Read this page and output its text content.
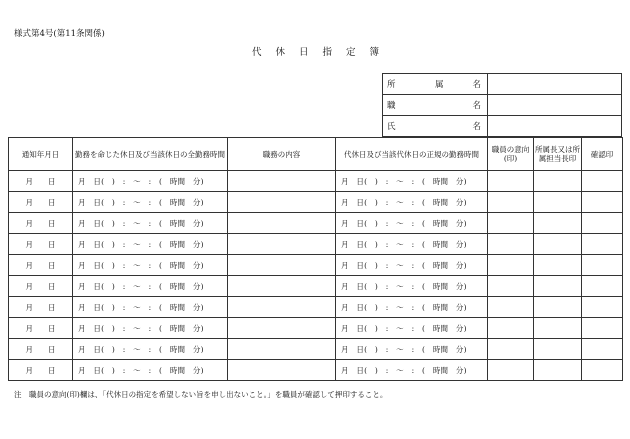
様式第4号(第11条関係)
代休日指定簿
所 属 名	

職 名	

氏 名	

通知年月日	勤務を命じた休日及び当該休日の全勤務時間	職務の内容	代休日及び当該代休日の正規の勤務時間	職員の意向(印)	所属長又は所属担当長印	確認印
月　　日	月　日(　)　:　～　:　(　時間　分)		月　日(　)　:　～　:　(　時間　分)			
月　　日	月　日(　)　:　～　:　(　時間　分)		月　日(　)　:　～　:　(　時間　分)			
月　　日	月　日(　)　:　～　:　(　時間　分)		月　日(　)　:　～　:　(　時間　分)			
月　　日	月　日(　)　:　～　:　(　時間　分)		月　日(　)　:　～　:　(　時間　分)			
月　　日	月　日(　)　:　～　:　(　時間　分)		月　日(　)　:　～　:　(　時間　分)			
月　　日	月　日(　)　:　～　:　(　時間　分)		月　日(　)　:　～　:　(　時間　分)			
月　　日	月　日(　)　:　～　:　(　時間　分)		月　日(　)　:　～　:　(　時間　分)			
月　　日	月　日(　)　:　～　:　(　時間　分)		月　日(　)　:　～　:　(　時間　分)			
月　　日	月　日(　)　:　～　:　(　時間　分)		月　日(　)　:　～　:　(　時間　分)			
月　　日	月　日(　)　:　～　:　(　時間　分)		月　日(　)　:　～　:　(　時間　分)			
注　職員の意向(印)欄は、「代休日の指定を希望しない旨を申し出ないこと。」を職員が確認して押印すること。
